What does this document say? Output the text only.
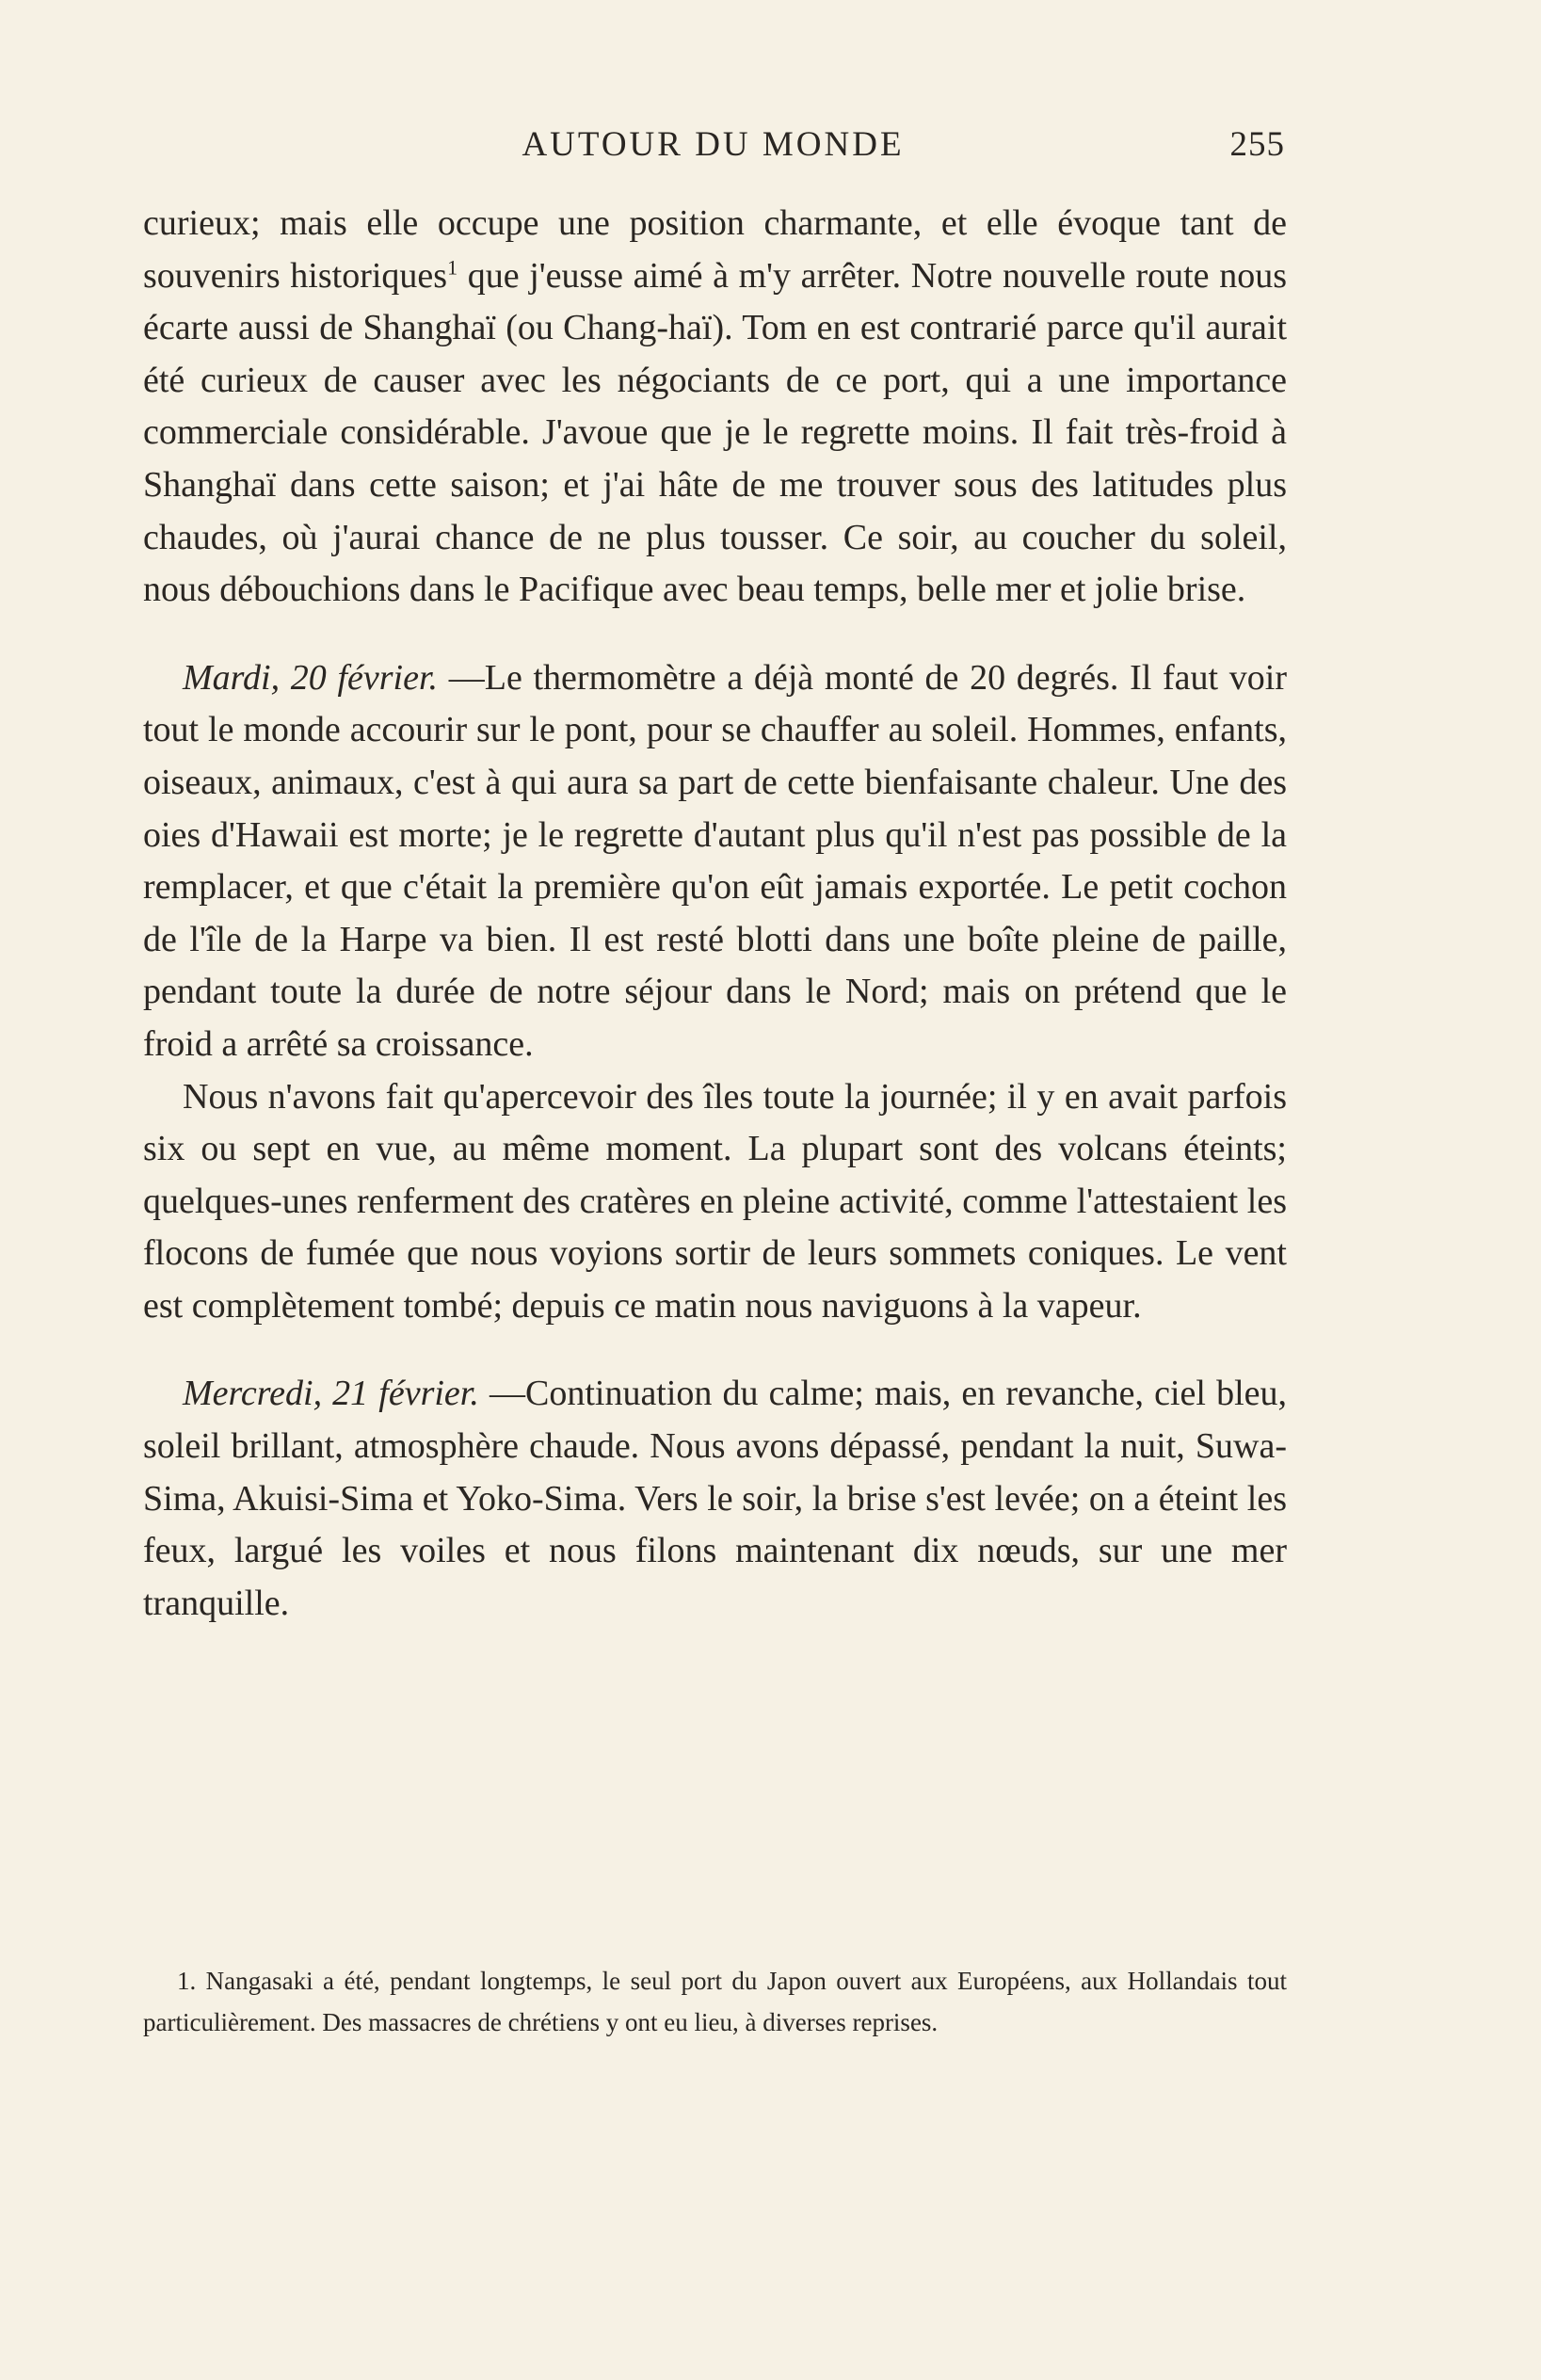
AUTOUR DU MONDE	255

curieux; mais elle occupe une position charmante, et elle évoque tant de souvenirs historiques$^1$ que j'eusse aimé à m'y arrêter. Notre nouvelle route nous écarte aussi de Shanghaï (ou Chang-haï). Tom en est contrarié parce qu'il aurait été curieux de causer avec les négociants de ce port, qui a une importance commerciale considérable. J'avoue que je le regrette moins. Il fait très-froid à Shanghaï dans cette saison; et j'ai hâte de me trouver sous des latitudes plus chaudes, où j'aurai chance de ne plus tousser. Ce soir, au coucher du soleil, nous débouchions dans le Pacifique avec beau temps, belle mer et jolie brise.

Mardi, 20 février. —Le thermomètre a déjà monté de 20 degrés. Il faut voir tout le monde accourir sur le pont, pour se chauffer au soleil. Hommes, enfants, oiseaux, animaux, c'est à qui aura sa part de cette bienfaisante chaleur. Une des oies d'Hawaii est morte; je le regrette d'autant plus qu'il n'est pas possible de la remplacer, et que c'était la première qu'on eût jamais exportée. Le petit cochon de l'île de la Harpe va bien. Il est resté blotti dans une boîte pleine de paille, pendant toute la durée de notre séjour dans le Nord; mais on prétend que le froid a arrêté sa croissance.

Nous n'avons fait qu'apercevoir des îles toute la journée; il y en avait parfois six ou sept en vue, au même moment. La plupart sont des volcans éteints; quelques-unes renferment des cratères en pleine activité, comme l'attestaient les flocons de fumée que nous voyions sortir de leurs sommets coniques. Le vent est complètement tombé; depuis ce matin nous naviguons à la vapeur.

Mercredi, 21 février. —Continuation du calme; mais, en revanche, ciel bleu, soleil brillant, atmosphère chaude. Nous avons dépassé, pendant la nuit, Suwa-Sima, Akuisi-Sima et Yoko-Sima. Vers le soir, la brise s'est levée; on a éteint les feux, largué les voiles et nous filons maintenant dix nœuds, sur une mer tranquille.

1. Nangasaki a été, pendant longtemps, le seul port du Japon ouvert aux Européens, aux Hollandais tout particulièrement. Des massacres de chrétiens y ont eu lieu, à diverses reprises.
